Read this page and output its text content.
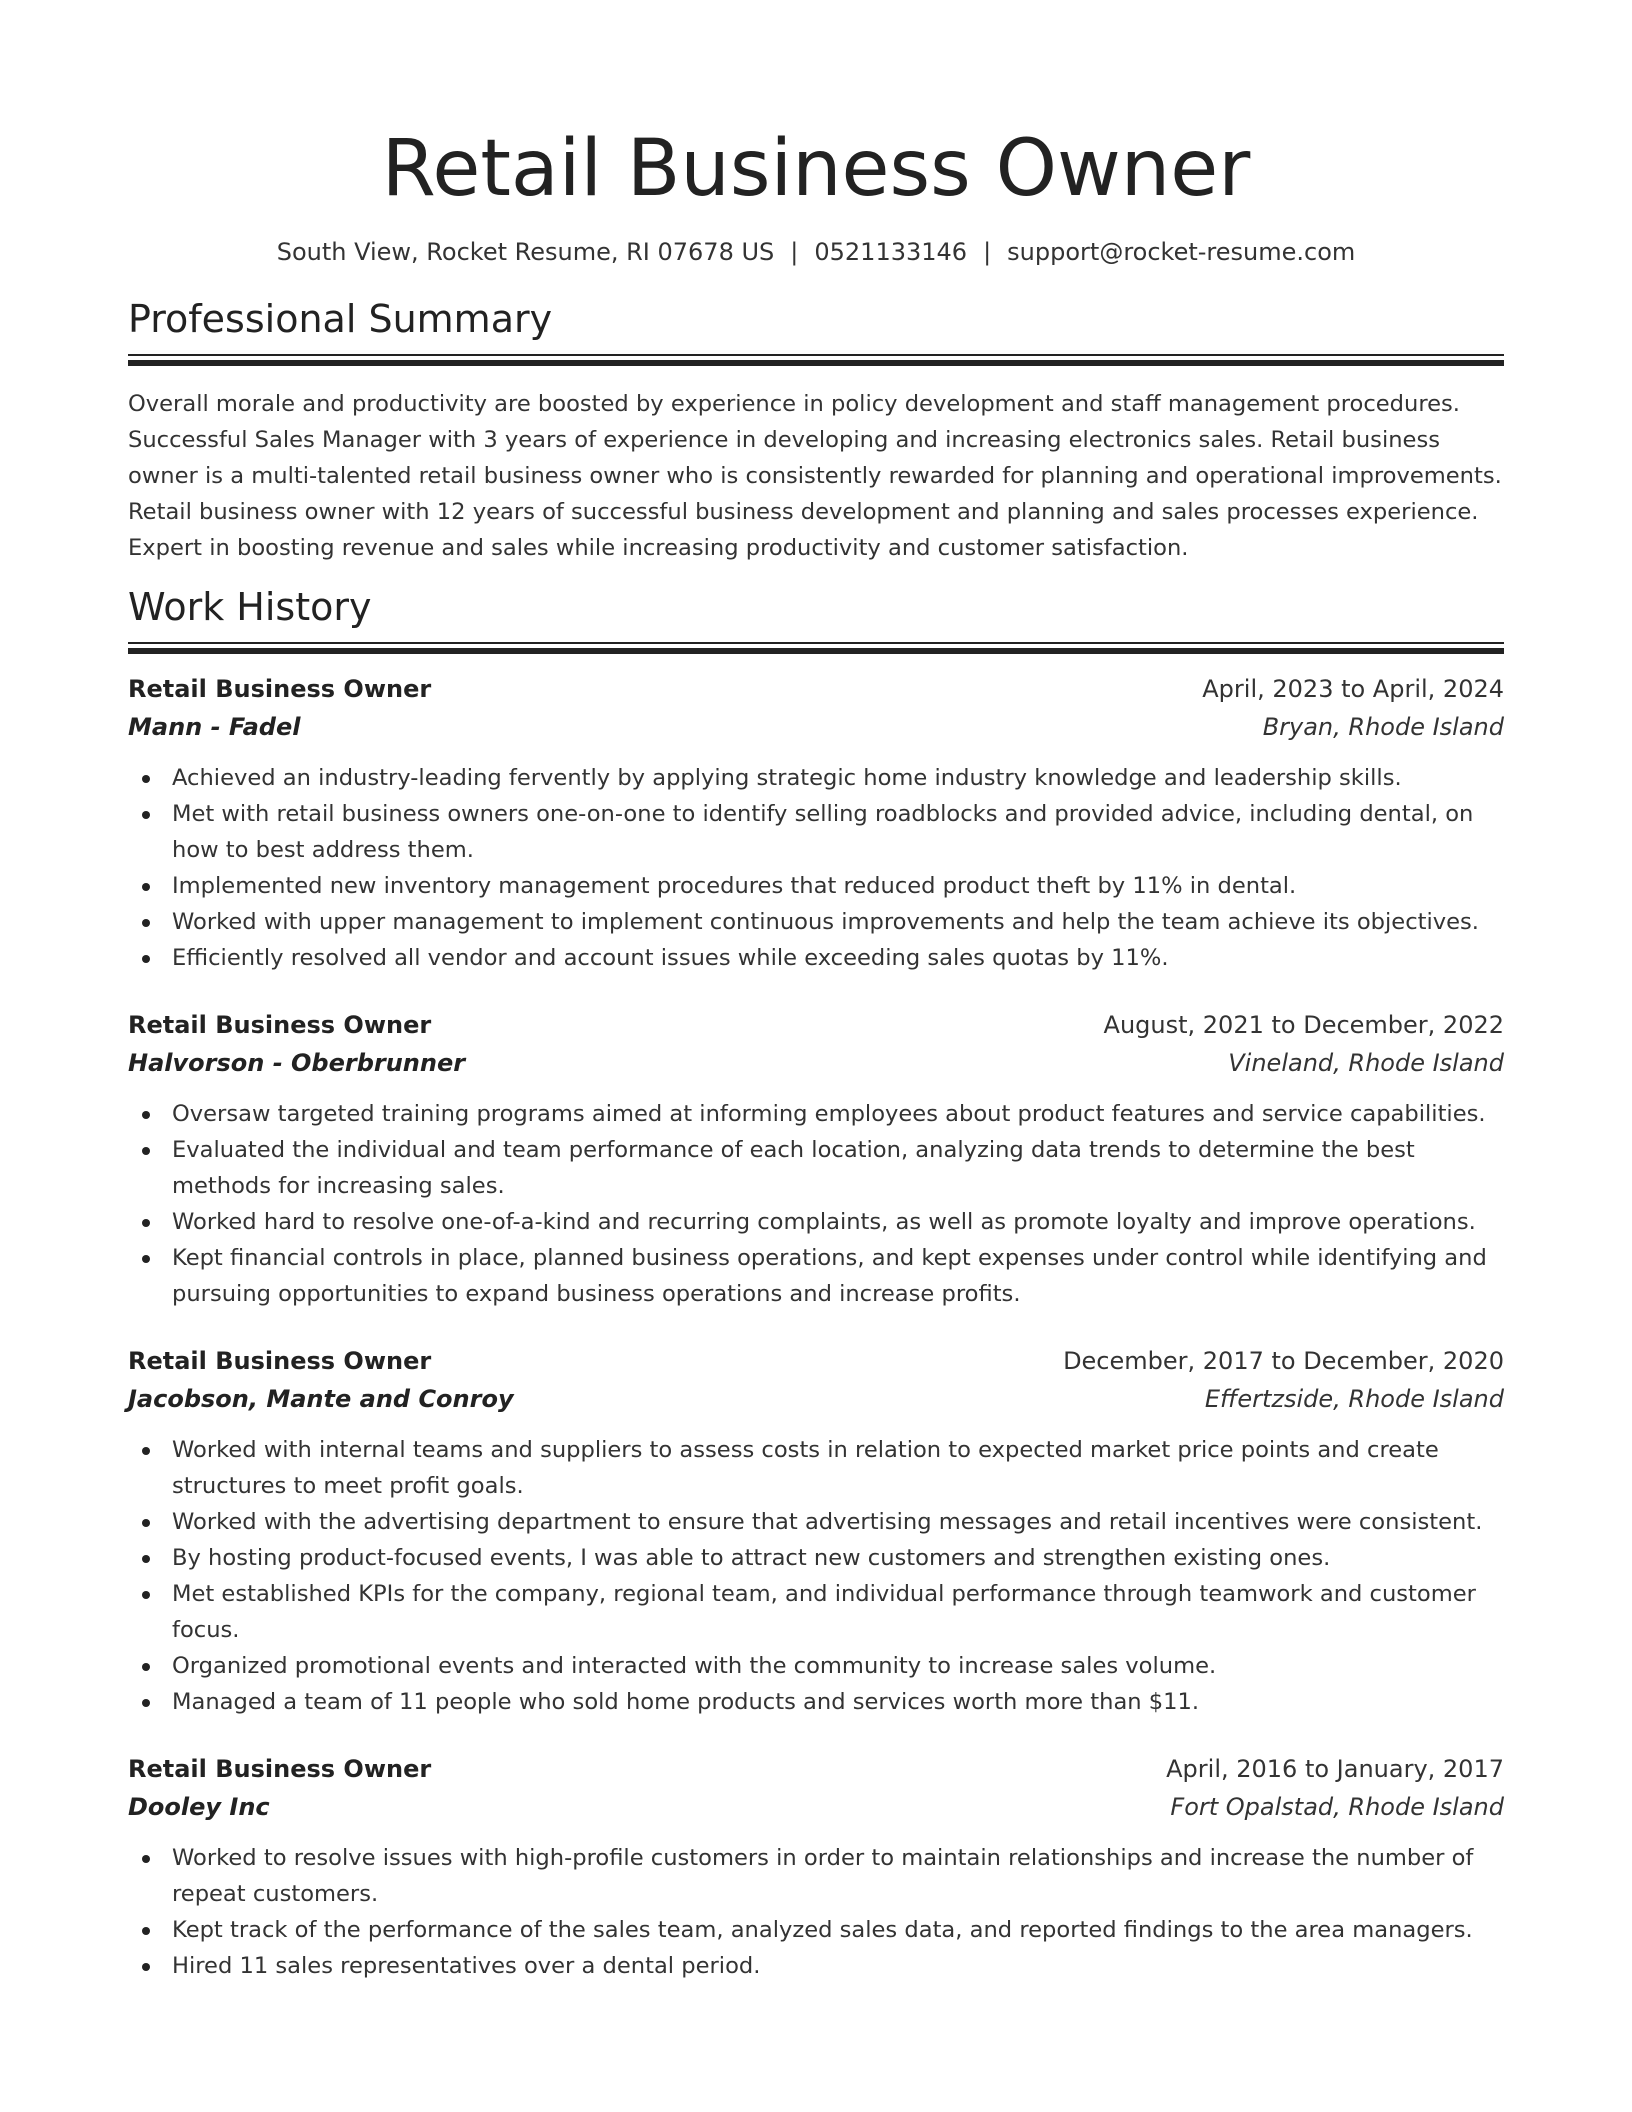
Retail Business Owner
South View, Rocket Resume, RI 07678 US | 0521133146 | support@rocket-resume.com
Professional Summary

Overall morale and productivity are boosted by experience in policy development and staff management procedures. Successful Sales Manager with 3 years of experience in developing and increasing electronics sales. Retail business owner is a multi-talented retail business owner who is consistently rewarded for planning and operational improvements. Retail business owner with 12 years of successful business development and planning and sales processes experience. Expert in boosting revenue and sales while increasing productivity and customer satisfaction.

Work History
Retail Business Owner	April, 2023 to April, 2024
Mann - Fadel	Bryan, Rhode Island
Achieved an industry-leading fervently by applying strategic home industry knowledge and leadership skills.
Met with retail business owners one-on-one to identify selling roadblocks and provided advice, including dental, on how to best address them.
Implemented new inventory management procedures that reduced product theft by 11% in dental.
Worked with upper management to implement continuous improvements and help the team achieve its objectives.
Efficiently resolved all vendor and account issues while exceeding sales quotas by 11%.
Retail Business Owner	August, 2021 to December, 2022
Halvorson - Oberbrunner	Vineland, Rhode Island
Oversaw targeted training programs aimed at informing employees about product features and service capabilities.
Evaluated the individual and team performance of each location, analyzing data trends to determine the best methods for increasing sales.
Worked hard to resolve one-of-a-kind and recurring complaints, as well as promote loyalty and improve operations.
Kept financial controls in place, planned business operations, and kept expenses under control while identifying and pursuing opportunities to expand business operations and increase profits.
Retail Business Owner	December, 2017 to December, 2020
Jacobson, Mante and Conroy	Effertzside, Rhode Island
Worked with internal teams and suppliers to assess costs in relation to expected market price points and create structures to meet profit goals.
Worked with the advertising department to ensure that advertising messages and retail incentives were consistent.
By hosting product-focused events, I was able to attract new customers and strengthen existing ones.
Met established KPIs for the company, regional team, and individual performance through teamwork and customer focus.
Organized promotional events and interacted with the community to increase sales volume.
Managed a team of 11 people who sold home products and services worth more than $11.
Retail Business Owner	April, 2016 to January, 2017
Dooley Inc	Fort Opalstad, Rhode Island
Worked to resolve issues with high-profile customers in order to maintain relationships and increase the number of repeat customers.
Kept track of the performance of the sales team, analyzed sales data, and reported findings to the area managers.
Hired 11 sales representatives over a dental period.
